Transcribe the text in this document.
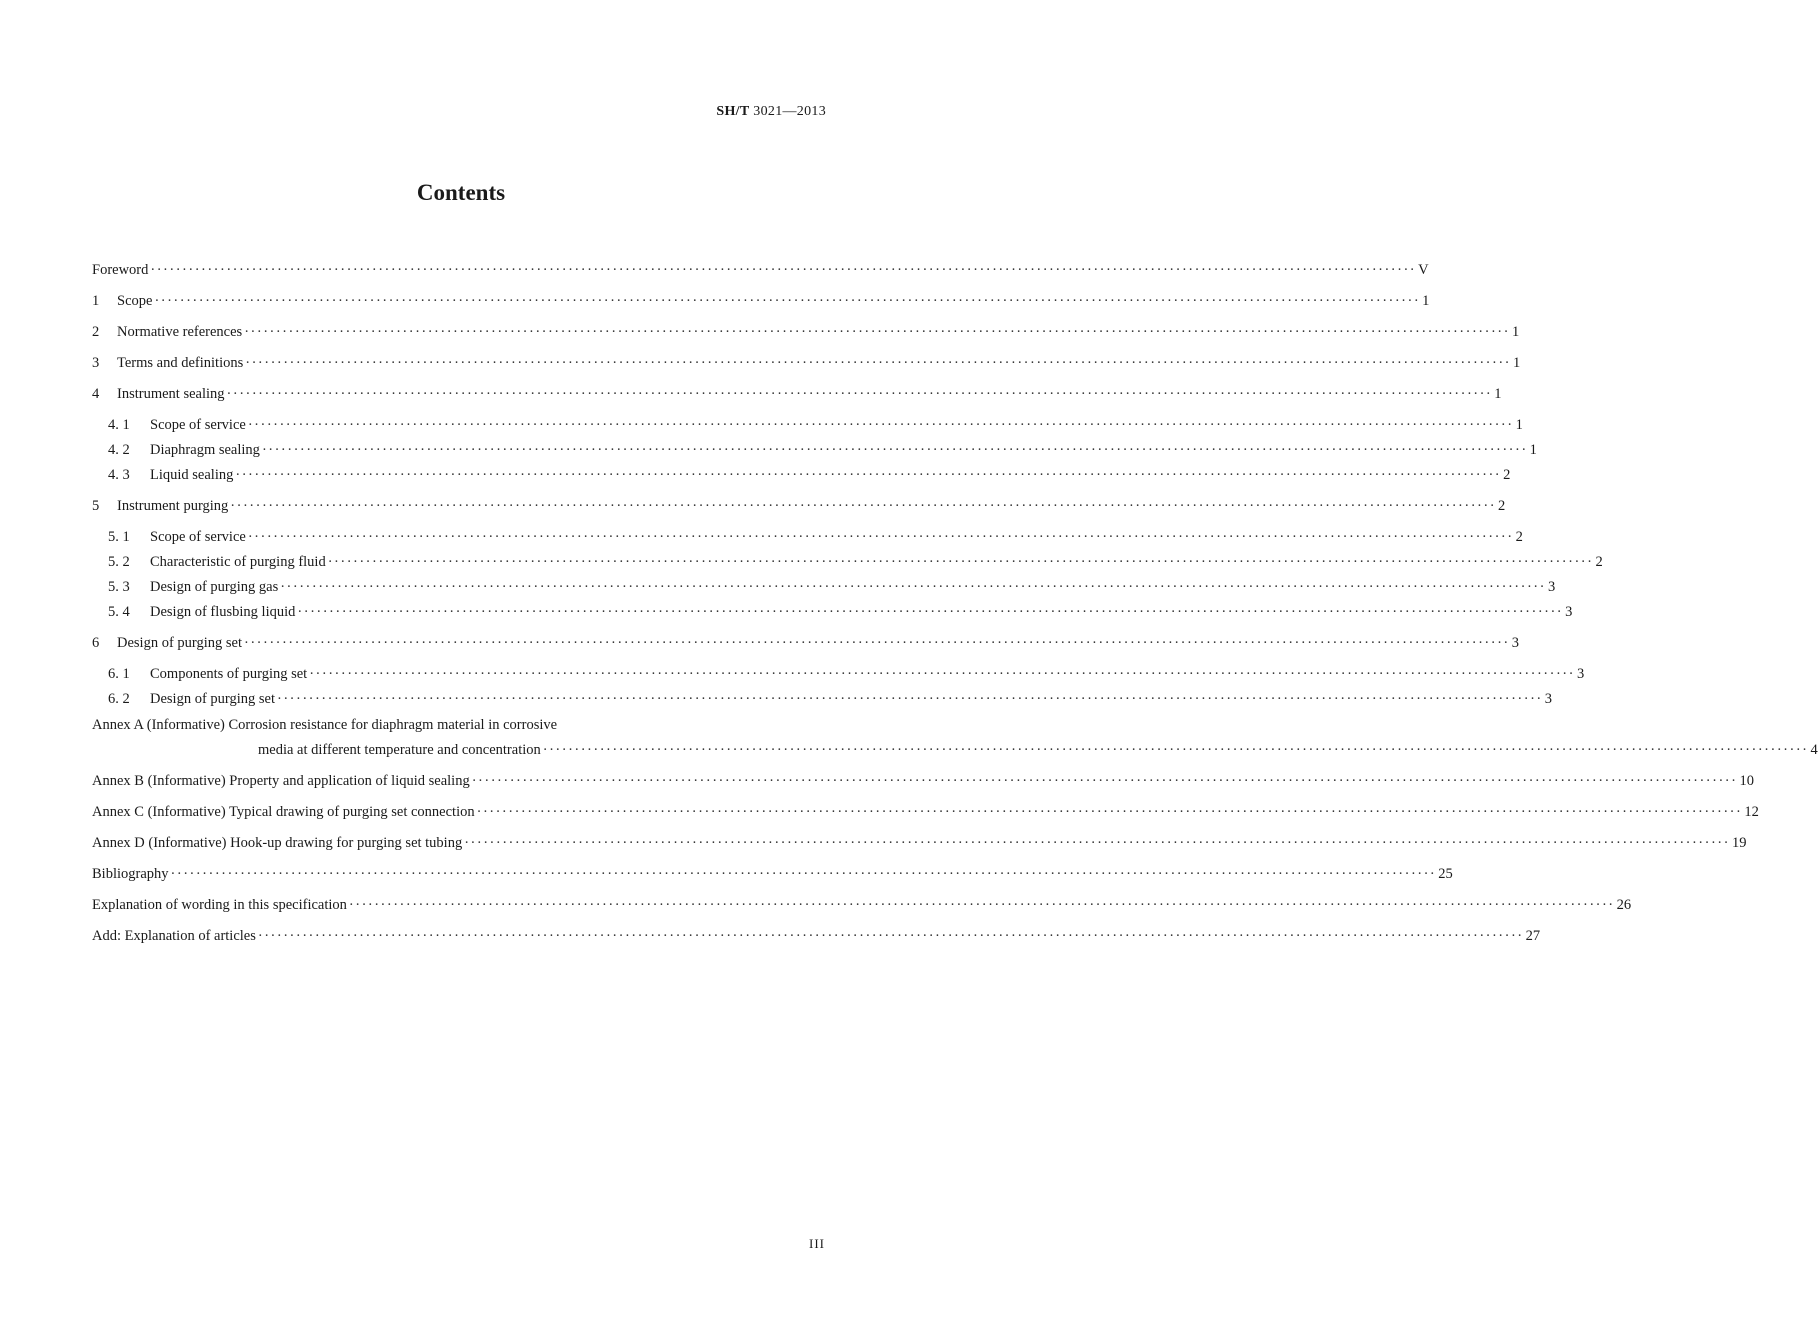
SH/T 3021—2013
Contents
Foreword ········································································································································································································ V
1	Scope ········································································································································································································ 1
2	Normative references ········································································································································································································ 1
3	Terms and definitions ········································································································································································································ 1
4	Instrument sealing ········································································································································································································ 1
4. 1	Scope of service ········································································································································································································ 1
4. 2	Diaphragm sealing ········································································································································································································ 1
4. 3	Liquid sealing ········································································································································································································ 2
5	Instrument purging ········································································································································································································ 2
5. 1	Scope of service ········································································································································································································ 2
5. 2	Characteristic of purging fluid ········································································································································································································ 2
5. 3	Design of purging gas ········································································································································································································ 3
5. 4	Design of flusbing liquid ········································································································································································································ 3
6	Design of purging set ········································································································································································································ 3
6. 1	Components of purging set ········································································································································································································ 3
6. 2	Design of purging set ········································································································································································································ 3
Annex A (Informative) Corrosion resistance for diaphragm material in corrosive
media at different temperature and concentration ········································································································································································································ 4
Annex B (Informative) Property and application of liquid sealing ········································································································································································································ 10
Annex C (Informative) Typical drawing of purging set connection ········································································································································································································ 12
Annex D (Informative) Hook-up drawing for purging set tubing ········································································································································································································ 19
Bibliography ········································································································································································································ 25
Explanation of wording in this specification ········································································································································································································ 26
Add: Explanation of articles ········································································································································································································ 27
III
